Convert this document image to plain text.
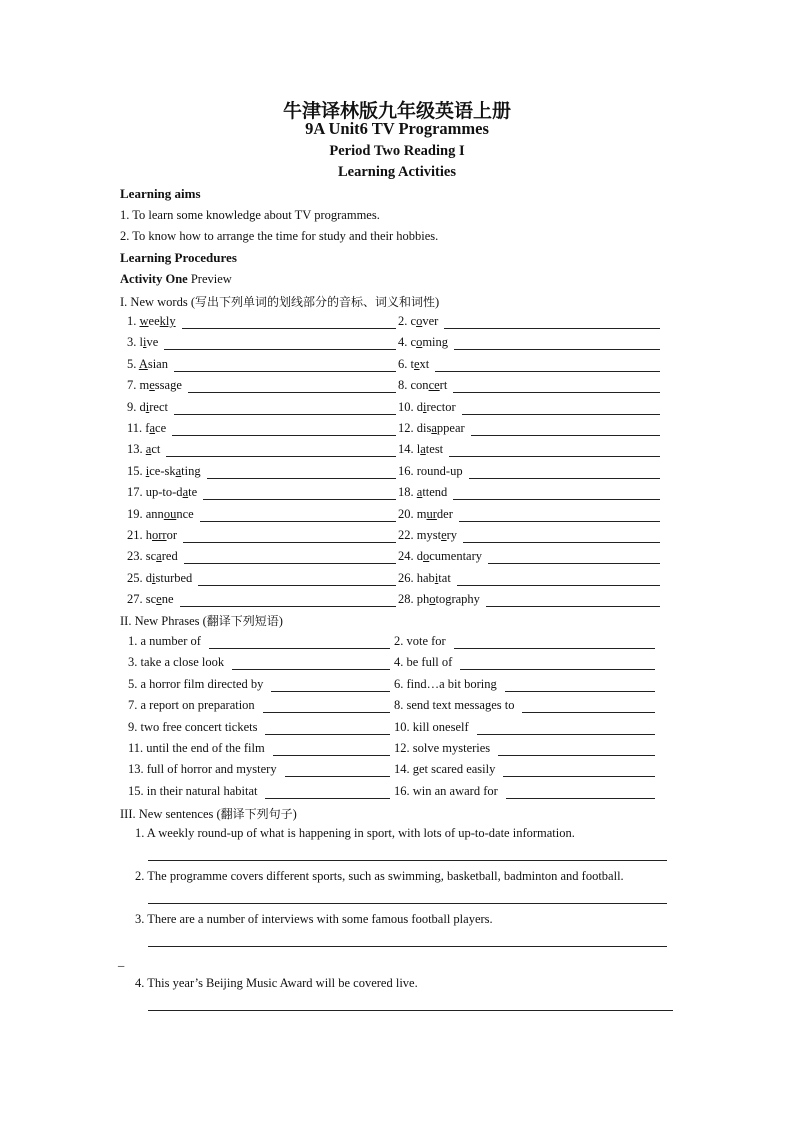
牛津译林版九年级英语上册
9A Unit6 TV Programmes
Period Two Reading I
Learning Activities
Learning aims
1. To learn some knowledge about TV programmes.
2. To know how to arrange the time for study and their hobbies.
Learning Procedures
Activity One Preview
I. New words (写出下列单词的划线部分的音标、词义和词性)
1. weekly	2. cover
3. live	4. coming
5. Asian	6. text
7. message	8. concert
9. direct	10. director
11. face	12. disappear
13. act	14. latest
15. ice-skating	16. round-up
17. up-to-date	18. attend
19. announce	20. murder
21. horror	22. mystery
23. scared	24. documentary
25. disturbed	26. habitat
27. scene	28. photography
II. New Phrases (翻译下列短语)
1. a number of	2. vote for
3. take a close look	4. be full of
5. a horror film directed by	6. find…a bit boring
7. a report on preparation	8. send text messages to
9. two free concert tickets	10. kill oneself
11. until the end of the film	12. solve mysteries
13. full of horror and mystery	14. get scared easily
15. in their natural habitat	16. win an award for
III. New sentences (翻译下列句子)
1. A weekly round-up of what is happening in sport, with lots of up-to-date information.
2. The programme covers different sports, such as swimming, basketball, badminton and football.
3. There are a number of interviews with some famous football players.
_
4. This year’s Beijing Music Award will be covered live.
